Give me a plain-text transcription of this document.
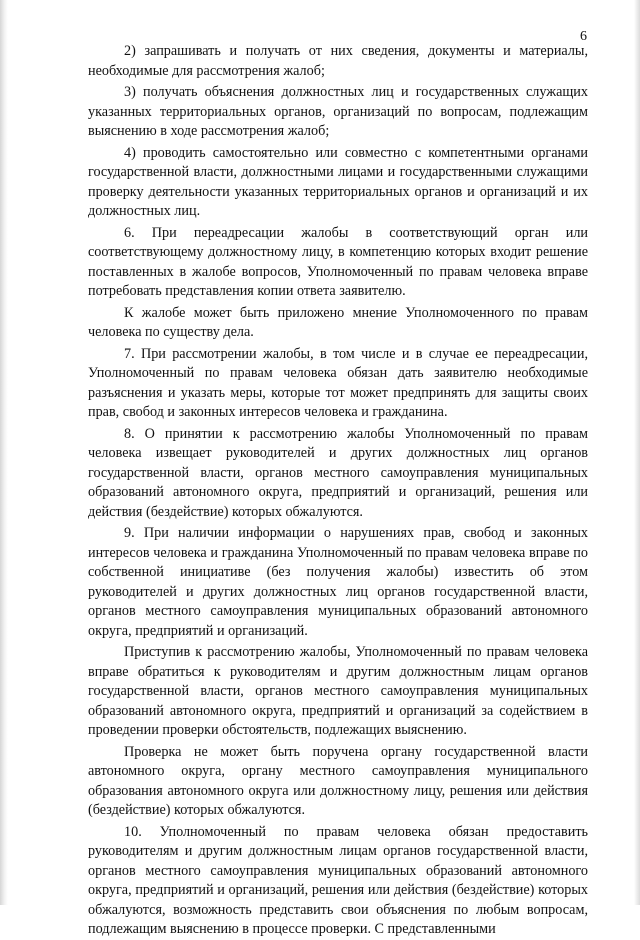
6

2) запрашивать и получать от них сведения, документы и материалы, необходимые для рассмотрения жалоб;

3) получать объяснения должностных лиц и государственных служащих указанных территориальных органов, организаций по вопросам, подлежащим выяснению в ходе рассмотрения жалоб;

4) проводить самостоятельно или совместно с компетентными органами государственной власти, должностными лицами и государственными служащими проверку деятельности указанных территориальных органов и организаций и их должностных лиц.

6. При переадресации жалобы в соответствующий орган или соответствующему должностному лицу, в компетенцию которых входит решение поставленных в жалобе вопросов, Уполномоченный по правам человека вправе потребовать представления копии ответа заявителю.

К жалобе может быть приложено мнение Уполномоченного по правам человека по существу дела.

7. При рассмотрении жалобы, в том числе и в случае ее переадресации, Уполномоченный по правам человека обязан дать заявителю необходимые разъяснения и указать меры, которые тот может предпринять для защиты своих прав, свобод и законных интересов человека и гражданина.

8. О принятии к рассмотрению жалобы Уполномоченный по правам человека извещает руководителей и других должностных лиц органов государственной власти, органов местного самоуправления муниципальных образований автономного округа, предприятий и организаций, решения или действия (бездействие) которых обжалуются.

9. При наличии информации о нарушениях прав, свобод и законных интересов человека и гражданина Уполномоченный по правам человека вправе по собственной инициативе (без получения жалобы) известить об этом руководителей и других должностных лиц органов государственной власти, органов местного самоуправления муниципальных образований автономного округа, предприятий и организаций.

Приступив к рассмотрению жалобы, Уполномоченный по правам человека вправе обратиться к руководителям и другим должностным лицам органов государственной власти, органов местного самоуправления муниципальных образований автономного округа, предприятий и организаций за содействием в проведении проверки обстоятельств, подлежащих выяснению.

Проверка не может быть поручена органу государственной власти автономного округа, органу местного самоуправления муниципального образования автономного округа или должностному лицу, решения или действия (бездействие) которых обжалуются.

10. Уполномоченный по правам человека обязан предоставить руководителям и другим должностным лицам органов государственной власти, органов местного самоуправления муниципальных образований автономного округа, предприятий и организаций, решения или действия (бездействие) которых обжалуются, возможность представить свои объяснения по любым вопросам, подлежащим выяснению в процессе проверки. С представленными
